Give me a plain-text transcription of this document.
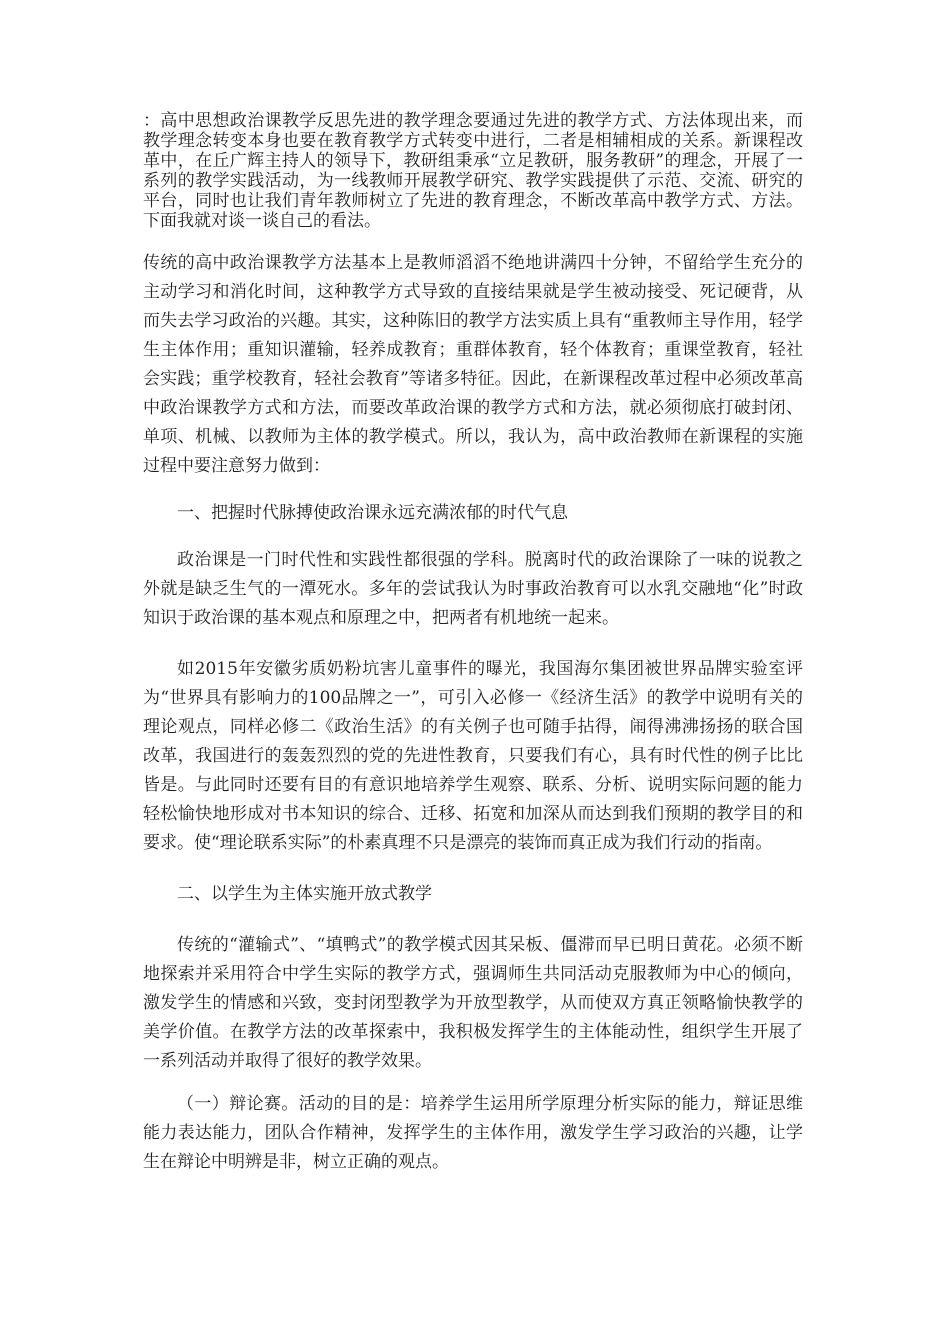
：高中思想政治课教学反思先进的教学理念要通过先进的教学方式、方法体现出来，而教学理念转变本身也要在教育教学方式转变中进行，二者是相辅相成的关系。新课程改革中，在丘广辉主持人的领导下，教研组秉承“立足教研，服务教研”的理念，开展了一系列的教学实践活动，为一线教师开展教学研究、教学实践提供了示范、交流、研究的平台，同时也让我们青年教师树立了先进的教育理念，不断改革高中教学方式、方法。下面我就对谈一谈自己的看法。

传统的高中政治课教学方法基本上是教师滔滔不绝地讲满四十分钟，不留给学生充分的主动学习和消化时间，这种教学方式导致的直接结果就是学生被动接受、死记硬背，从而失去学习政治的兴趣。其实，这种陈旧的教学方法实质上具有“重教师主导作用，轻学生主体作用；重知识灌输，轻养成教育；重群体教育，轻个体教育；重课堂教育，轻社会实践；重学校教育，轻社会教育”等诸多特征。因此，在新课程改革过程中必须改革高中政治课教学方式和方法，而要改革政治课的教学方式和方法，就必须彻底打破封闭、单项、机械、以教师为主体的教学模式。所以，我认为，高中政治教师在新课程的实施过程中要注意努力做到：

一、把握时代脉搏使政治课永远充满浓郁的时代气息

政治课是一门时代性和实践性都很强的学科。脱离时代的政治课除了一味的说教之外就是缺乏生气的一潭死水。多年的尝试我认为时事政治教育可以水乳交融地“化”时政知识于政治课的基本观点和原理之中，把两者有机地统一起来。

如2015年安徽劣质奶粉坑害儿童事件的曝光，我国海尔集团被世界品牌实验室评为“世界具有影响力的100品牌之一”，可引入必修一《经济生活》的教学中说明有关的理论观点，同样必修二《政治生活》的有关例子也可随手拈得，闹得沸沸扬扬的联合国改革，我国进行的轰轰烈烈的党的先进性教育，只要我们有心，具有时代性的例子比比皆是。与此同时还要有目的有意识地培养学生观察、联系、分析、说明实际问题的能力轻松愉快地形成对书本知识的综合、迁移、拓宽和加深从而达到我们预期的教学目的和要求。使“理论联系实际”的朴素真理不只是漂亮的装饰而真正成为我们行动的指南。

二、以学生为主体实施开放式教学

传统的“灌输式”、“填鸭式”的教学模式因其呆板、僵滞而早已明日黄花。必须不断地探索并采用符合中学生实际的教学方式，强调师生共同活动克服教师为中心的倾向，激发学生的情感和兴致，变封闭型教学为开放型教学，从而使双方真正领略愉快教学的美学价值。在教学方法的改革探索中，我积极发挥学生的主体能动性，组织学生开展了一系列活动并取得了很好的教学效果。

（一）辩论赛。活动的目的是：培养学生运用所学原理分析实际的能力，辩证思维能力表达能力，团队合作精神，发挥学生的主体作用，激发学生学习政治的兴趣，让学生在辩论中明辨是非，树立正确的观点。
